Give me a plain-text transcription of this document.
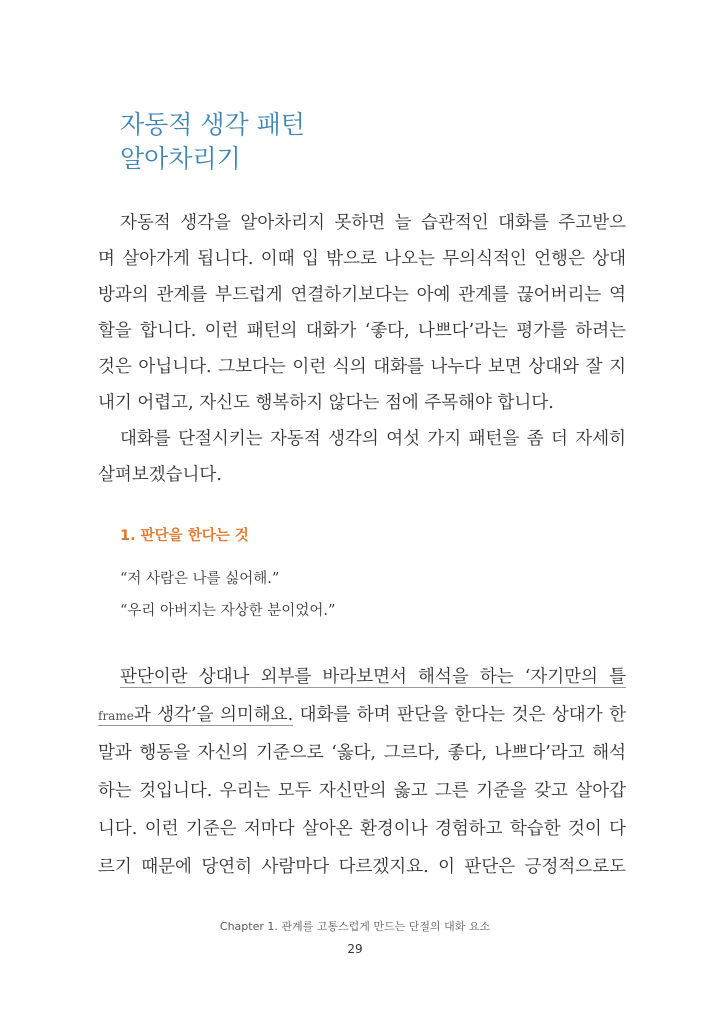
자동적 생각 패턴
알아차리기
자동적 생각을 알아차리지 못하면 늘 습관적인 대화를 주고받으
며 살아가게 됩니다. 이때 입 밖으로 나오는 무의식적인 언행은 상대
방과의 관계를 부드럽게 연결하기보다는 아예 관계를 끊어버리는 역
할을 합니다. 이런 패턴의 대화가 ‘좋다, 나쁘다’라는 평가를 하려는
것은 아닙니다. 그보다는 이런 식의 대화를 나누다 보면 상대와 잘 지
내기 어렵고, 자신도 행복하지 않다는 점에 주목해야 합니다.
대화를 단절시키는 자동적 생각의 여섯 가지 패턴을 좀 더 자세히
살펴보겠습니다.
1. 판단을 한다는 것
“저 사람은 나를 싫어해.”
“우리 아버지는 자상한 분이었어.”
판단이란 상대나 외부를 바라보면서 해석을 하는 ‘자기만의 틀
frame과 생각’을 의미해요. 대화를 하며 판단을 한다는 것은 상대가 한
말과 행동을 자신의 기준으로 ‘옳다, 그르다, 좋다, 나쁘다’라고 해석
하는 것입니다. 우리는 모두 자신만의 옳고 그른 기준을 갖고 살아갑
니다. 이런 기준은 저마다 살아온 환경이나 경험하고 학습한 것이 다
르기 때문에 당연히 사람마다 다르겠지요. 이 판단은 긍정적으로도
Chapter 1. 관계를 고통스럽게 만드는 단절의 대화 요소
29
